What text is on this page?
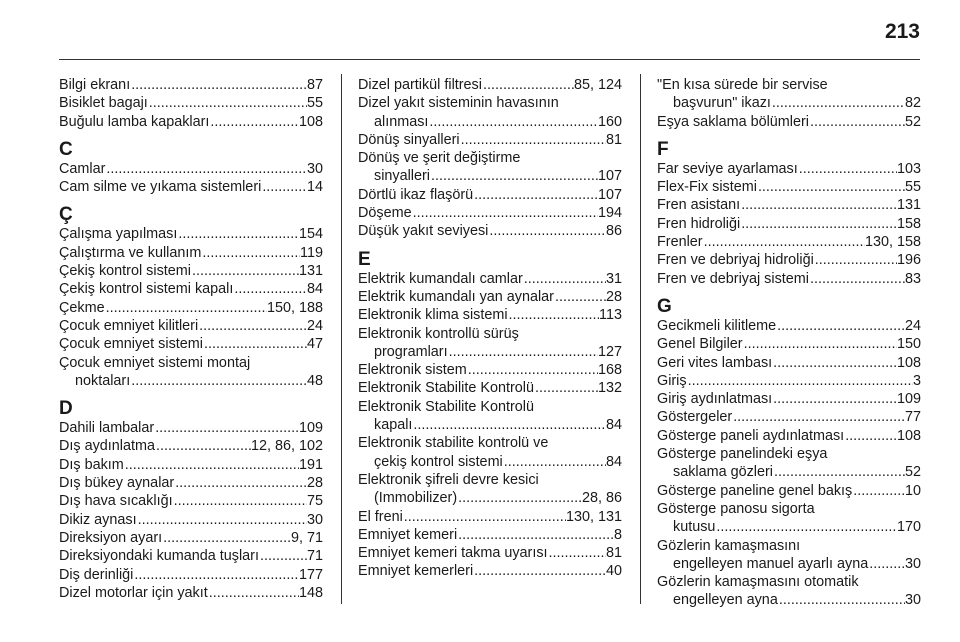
213
Bilgi ekranı .....	87
Bisiklet bagajı .....	55
Buğulu lamba kapakları .....	108
C
Camlar .....	30
Cam silme ve yıkama sistemleri .....	14
Ç
Çalışma yapılması .....	154
Çalıştırma ve kullanım .....	119
Çekiş kontrol sistemi .....	131
Çekiş kontrol sistemi kapalı .....	84
Çekme .....	150, 188
Çocuk emniyet kilitleri .....	24
Çocuk emniyet sistemi .....	47
Çocuk emniyet sistemi montaj
noktaları .....	48
D
Dahili lambalar .....	109
Dış aydınlatma .....	12, 86, 102
Dış bakım .....	191
Dış bükey aynalar .....	28
Dış hava sıcaklığı .....	75
Dikiz aynası .....	30
Direksiyon ayarı .....	9, 71
Direksiyondaki kumanda tuşları .....	71
Diş derinliği .....	177
Dizel motorlar için yakıt .....	148
Dizel partikül filtresi .....	85, 124
Dizel yakıt sisteminin havasının
alınması .....	160
Dönüş sinyalleri .....	81
Dönüş ve şerit değiştirme
sinyalleri .....	107
Dörtlü ikaz flaşörü .....	107
Döşeme .....	194
Düşük yakıt seviyesi .....	86
E
Elektrik kumandalı camlar .....	31
Elektrik kumandalı yan aynalar .....	28
Elektronik klima sistemi .....	113
Elektronik kontrollü sürüş
programları .....	127
Elektronik sistem .....	168
Elektronik Stabilite Kontrolü .....	132
Elektronik Stabilite Kontrolü
kapalı .....	84
Elektronik stabilite kontrolü ve
çekiş kontrol sistemi .....	84
Elektronik şifreli devre kesici
(Immobilizer) .....	28, 86
El freni .....	130, 131
Emniyet kemeri .....	8
Emniyet kemeri takma uyarısı .....	81
Emniyet kemerleri .....	40
"En kısa sürede bir servise
başvurun" ikazı .....	82
Eşya saklama bölümleri .....	52
F
Far seviye ayarlaması .....	103
Flex-Fix sistemi .....	55
Fren asistanı .....	131
Fren hidroliği .....	158
Frenler .....	130, 158
Fren ve debriyaj hidroliği .....	196
Fren ve debriyaj sistemi .....	83
G
Gecikmeli kilitleme .....	24
Genel Bilgiler .....	150
Geri vites lambası .....	108
Giriş .....	3
Giriş aydınlatması .....	109
Göstergeler .....	77
Gösterge paneli aydınlatması .....	108
Gösterge panelindeki eşya
saklama gözleri .....	52
Gösterge paneline genel bakış .....	10
Gösterge panosu sigorta
kutusu .....	170
Gözlerin kamaşmasını
engelleyen manuel ayarlı ayna .....	30
Gözlerin kamaşmasını otomatik
engelleyen ayna .....	30
